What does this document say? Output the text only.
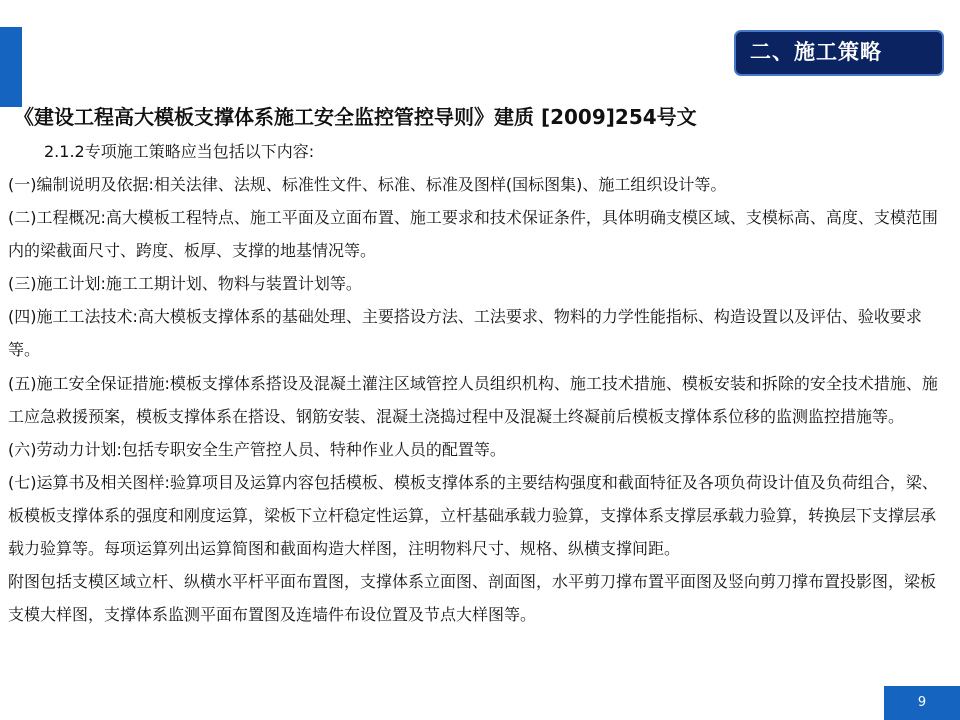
二、施工策略
《建设工程高大模板支撑体系施工安全监控管控导则》建质 [2009]254号文
2.1.2专项施工策略应当包括以下内容:

(一)编制说明及依据:相关法律、法规、标准性文件、标准、标准及图样(国标图集)、施工组织设计等。

(二)工程概况:高大模板工程特点、施工平面及立面布置、施工要求和技术保证条件，具体明确支模区域、支模标高、高度、支模范围内的梁截面尺寸、跨度、板厚、支撑的地基情况等。

(三)施工计划:施工工期计划、物料与装置计划等。

(四)施工工法技术:高大模板支撑体系的基础处理、主要搭设方法、工法要求、物料的力学性能指标、构造设置以及评估、验收要求等。

(五)施工安全保证措施:模板支撑体系搭设及混凝土灌注区域管控人员组织机构、施工技术措施、模板安装和拆除的安全技术措施、施工应急救援预案，模板支撑体系在搭设、钢筋安装、混凝土浇捣过程中及混凝土终凝前后模板支撑体系位移的监测监控措施等。

(六)劳动力计划:包括专职安全生产管控人员、特种作业人员的配置等。

(七)运算书及相关图样:验算项目及运算内容包括模板、模板支撑体系的主要结构强度和截面特征及各项负荷设计值及负荷组合，梁、板模板支撑体系的强度和刚度运算，梁板下立杆稳定性运算，立杆基础承载力验算，支撑体系支撑层承载力验算，转换层下支撑层承载力验算等。每项运算列出运算简图和截面构造大样图，注明物料尺寸、规格、纵横支撑间距。

附图包括支模区域立杆、纵横水平杆平面布置图，支撑体系立面图、剖面图，水平剪刀撑布置平面图及竖向剪刀撑布置投影图，梁板支模大样图，支撑体系监测平面布置图及连墙件布设位置及节点大样图等。

9
